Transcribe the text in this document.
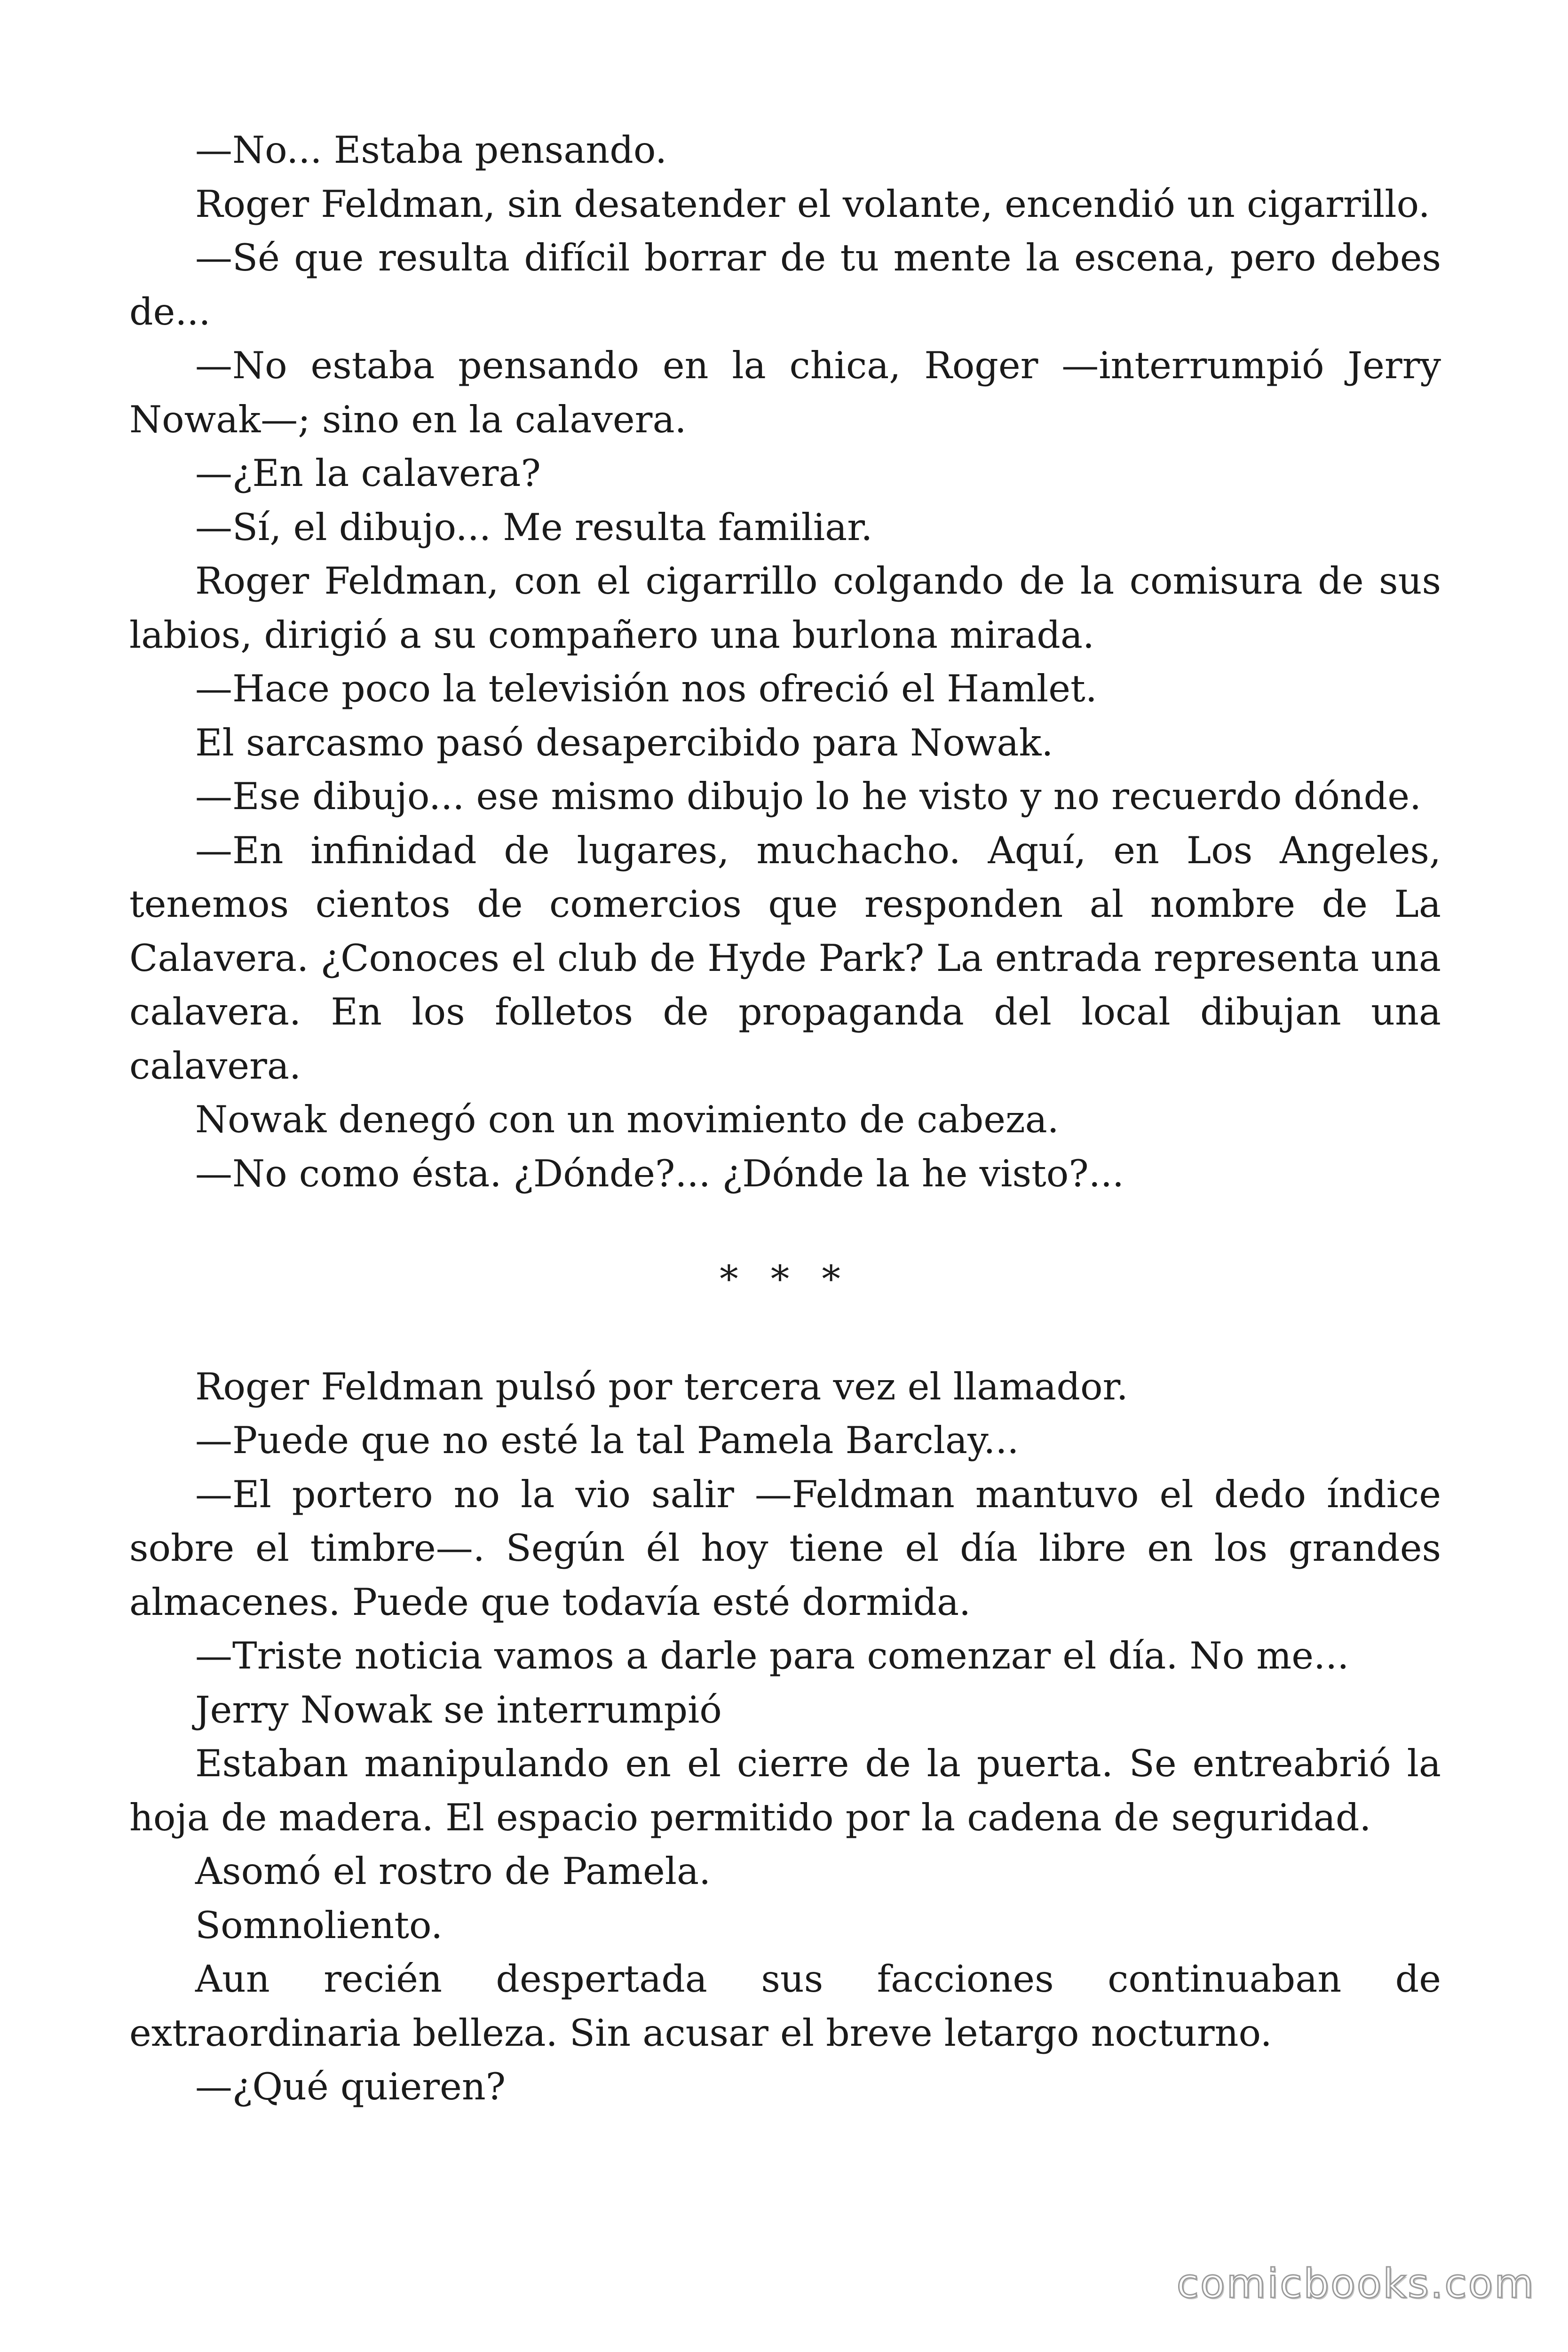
—No... Estaba pensando.

Roger Feldman, sin desatender el volante, encendió un cigarrillo.

—Sé que resulta difícil borrar de tu mente la escena, pero debes de...

—No estaba pensando en la chica, Roger —interrumpió Jerry Nowak—; sino en la calavera.

—¿En la calavera?

—Sí, el dibujo... Me resulta familiar.

Roger Feldman, con el cigarrillo colgando de la comisura de sus labios, dirigió a su compañero una burlona mirada.

—Hace poco la televisión nos ofreció el Hamlet.

El sarcasmo pasó desapercibido para Nowak.

—Ese dibujo... ese mismo dibujo lo he visto y no recuerdo dónde.

—En infinidad de lugares, muchacho. Aquí, en Los Angeles, tenemos cientos de comercios que responden al nombre de La Calavera. ¿Conoces el club de Hyde Park? La entrada representa una calavera. En los folletos de propaganda del local dibujan una calavera.

Nowak denegó con un movimiento de cabeza.

—No como ésta. ¿Dónde?... ¿Dónde la he visto?...

* * *

Roger Feldman pulsó por tercera vez el llamador.

—Puede que no esté la tal Pamela Barclay...

—El portero no la vio salir —Feldman mantuvo el dedo índice sobre el timbre—. Según él hoy tiene el día libre en los grandes almacenes. Puede que todavía esté dormida.

—Triste noticia vamos a darle para comenzar el día. No me...

Jerry Nowak se interrumpió

Estaban manipulando en el cierre de la puerta. Se entreabrió la hoja de madera. El espacio permitido por la cadena de seguridad.

Asomó el rostro de Pamela.

Somnoliento.

Aun recién despertada sus facciones continuaban de extraordinaria belleza. Sin acusar el breve letargo nocturno.

—¿Qué quieren?

comicbooks.com
